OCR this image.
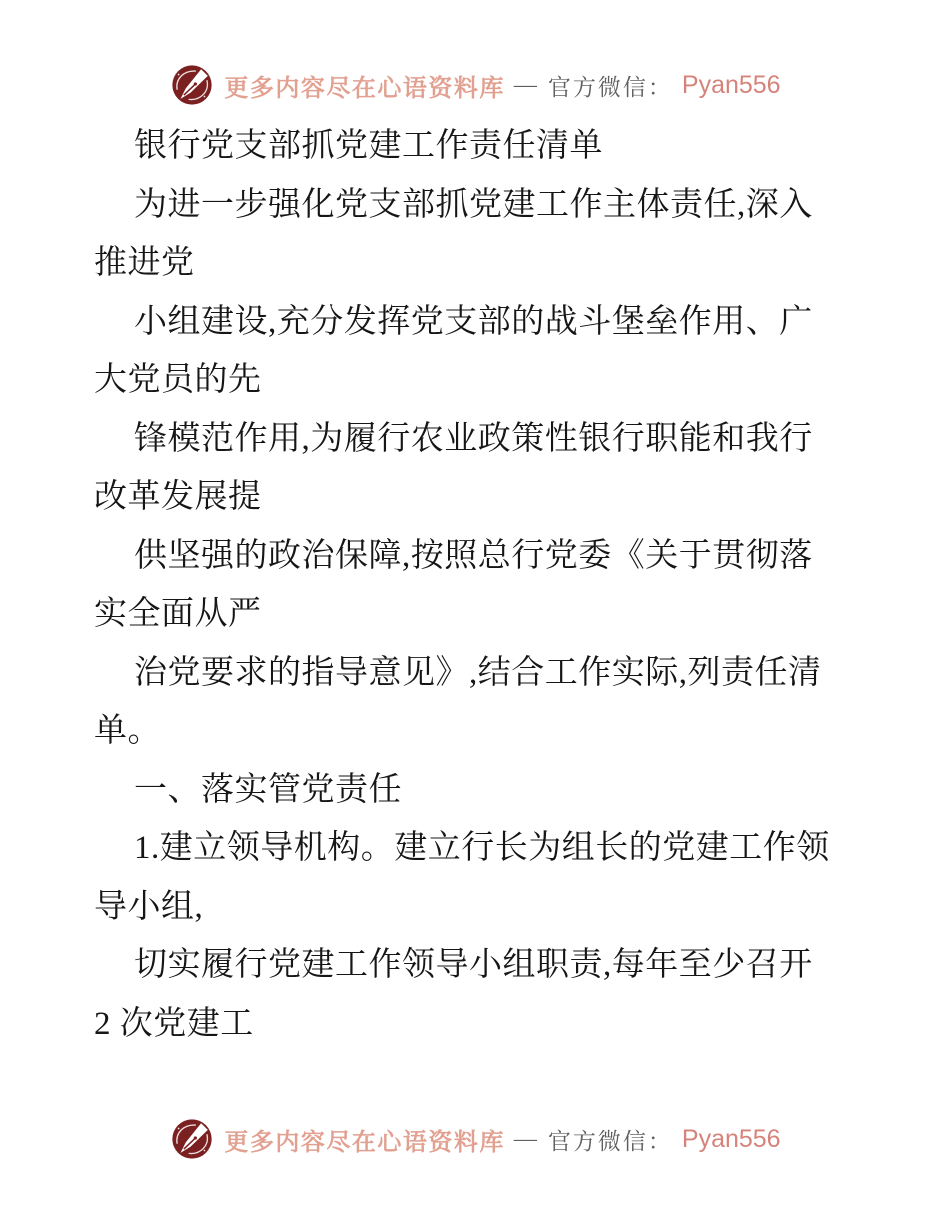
更多内容尽在心语资料库 — 官方微信： Pyan556
银行党支部抓党建工作责任清单
为进一步强化党支部抓党建工作主体责任,深入
推进党
小组建设,充分发挥党支部的战斗堡垒作用、广
大党员的先
锋模范作用,为履行农业政策性银行职能和我行
改革发展提
供坚强的政治保障,按照总行党委《关于贯彻落
实全面从严
治党要求的指导意见》,结合工作实际,列责任清
单。
一、落实管党责任
1.建立领导机构。建立行长为组长的党建工作领
导小组,
切实履行党建工作领导小组职责,每年至少召开
2 次党建工
更多内容尽在心语资料库 — 官方微信： Pyan556
